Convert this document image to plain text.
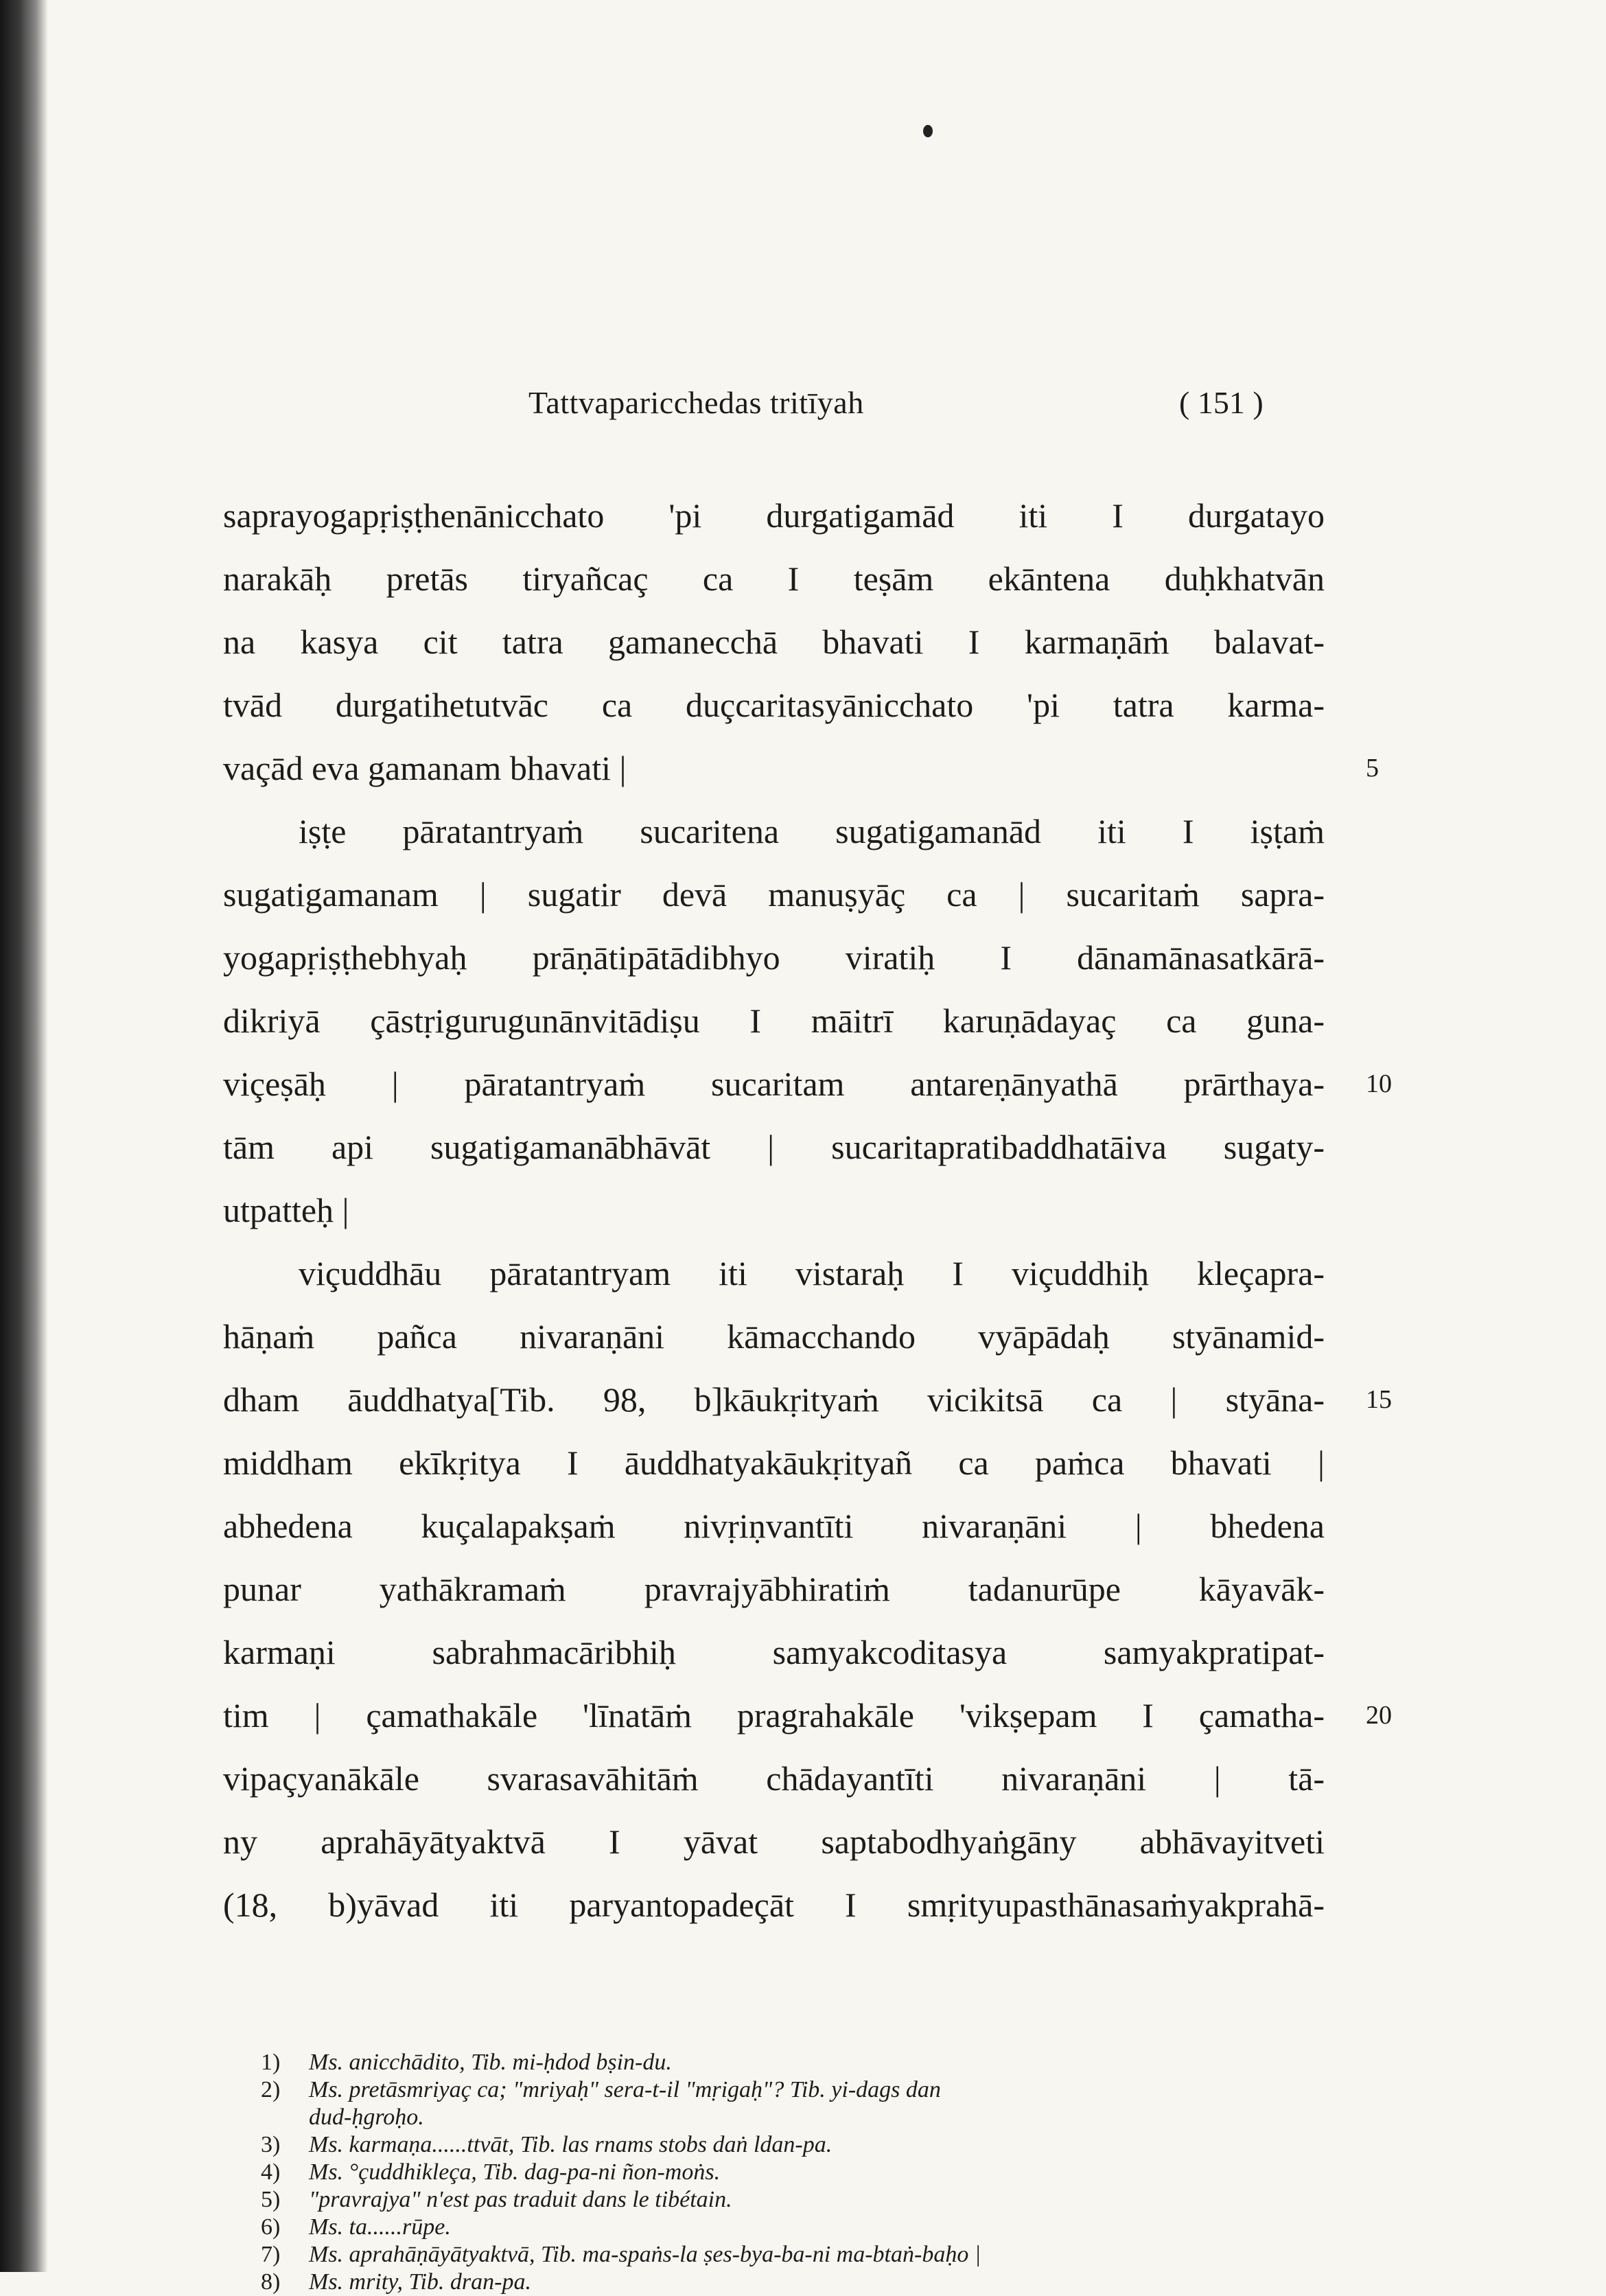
Tattvaparicchedas tritīyah	( 151 )
saprayogapṛiṣṭhenānicchato 'pi durgatigamād iti I durgatayo
narakāḥ pretās tiryañcaç ca I teṣām ekāntena duḥkhatvān
na kasya cit tatra gamanecchā bhavati I karmaṇāṁ balavat-
tvād durgatihetutvāc ca duçcaritasyānicchato 'pi tatra karma-
vaçād eva gamanam bhavati |
iṣṭe pāratantryaṁ sucaritena sugatigamanād iti I iṣṭaṁ
sugatigamanam | sugatir devā manuṣyāç ca | sucaritaṁ sapra-
yogapṛiṣṭhebhyaḥ prāṇātipātādibhyo viratiḥ I dānamānasatkārā-
dikriyā çāstṛigurugunānvitādiṣu I māitrī karuṇādayaç ca guna-
viçeṣāḥ | pāratantryaṁ sucaritam antareṇānyathā prārthaya-
tām api sugatigamanābhāvāt | sucaritapratibaddhatāiva sugaty-
utpatteḥ |
viçuddhāu pāratantryam iti vistaraḥ I viçuddhiḥ kleçapra-
hāṇaṁ pañca nivaraṇāni kāmacchando vyāpādaḥ styānamid-
dham āuddhatya[Tib. 98, b]kāukṛityaṁ vicikitsā ca | styāna-
middham ekīkṛitya I āuddhatyakāukṛityañ ca paṁca bhavati |
abhedena kuçalapakṣaṁ nivṛiṇvantīti nivaraṇāni | bhedena
punar yathākramaṁ pravrajyābhiratiṁ tadanurūpe kāyavāk-
karmaṇi sabrahmacāribhiḥ samyakcoditasya samyakpratipat-
tim | çamathakāle 'līnatāṁ pragrahakāle 'vikṣepam I çamatha-
vipaçyanākāle svarasavāhitāṁ chādayantīti nivaraṇāni | tā-
ny aprahāyātyaktvā I yāvat saptabodhyaṅgāny abhāvayitveti
(18, b)yāvad iti paryantopadeçāt I smṛityupasthānasaṁyakprahā-
5
10
15
20
1)	Ms. anicchādito, Tib. mi-ḥdod bṣin-du.
2)	Ms. pretāsmriyaç ca; "mriyaḥ" sera-t-il "mṛigaḥ"? Tib. yi-dags dan
dud-ḥgroḥo.
3)	Ms. karmaṇa......ttvāt, Tib. las rnams stobs daṅ ldan-pa.
4)	Ms. °çuddhikleça, Tib. dag-pa-ni ñon-moṅs.
5)	"pravrajya" n'est pas traduit dans le tibétain.
6)	Ms. ta......rūpe.
7)	Ms. aprahāṇāyātyaktvā, Tib. ma-spaṅs-la ṣes-bya-ba-ni ma-btaṅ-baḥo |
8)	Ms. mrity, Tib. dran-pa.
